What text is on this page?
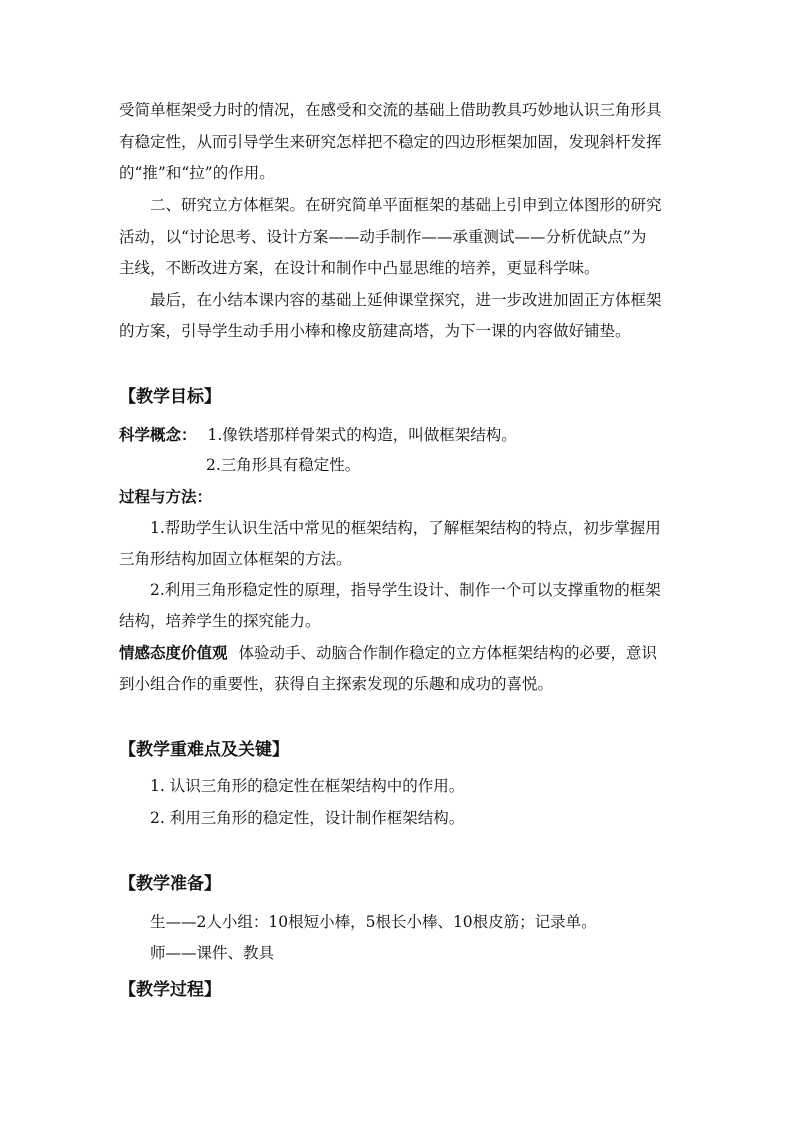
受简单框架受力时的情况，在感受和交流的基础上借助教具巧妙地认识三角形具
有稳定性，从而引导学生来研究怎样把不稳定的四边形框架加固，发现斜杆发挥
的“推”和“拉”的作用。
二、研究立方体框架。在研究简单平面框架的基础上引申到立体图形的研究
活动，以“讨论思考、设计方案——动手制作——承重测试——分析优缺点”为
主线，不断改进方案，在设计和制作中凸显思维的培养，更显科学味。
最后，在小结本课内容的基础上延伸课堂探究，进一步改进加固正方体框架
的方案，引导学生动手用小棒和橡皮筋建高塔，为下一课的内容做好铺垫。
【教学目标】
科学概念： 1.像铁塔那样骨架式的构造，叫做框架结构。
2.三角形具有稳定性。
过程与方法：
1.帮助学生认识生活中常见的框架结构，了解框架结构的特点，初步掌握用
三角形结构加固立体框架的方法。
2.利用三角形稳定性的原理，指导学生设计、制作一个可以支撑重物的框架
结构，培养学生的探究能力。
情感态度价值观 体验动手、动脑合作制作稳定的立方体框架结构的必要，意识
到小组合作的重要性，获得自主探索发现的乐趣和成功的喜悦。
【教学重难点及关键】
1. 认识三角形的稳定性在框架结构中的作用。
2. 利用三角形的稳定性，设计制作框架结构。
【教学准备】
生——2人小组：10根短小棒，5根长小棒、10根皮筋；记录单。
师——课件、教具
【教学过程】
